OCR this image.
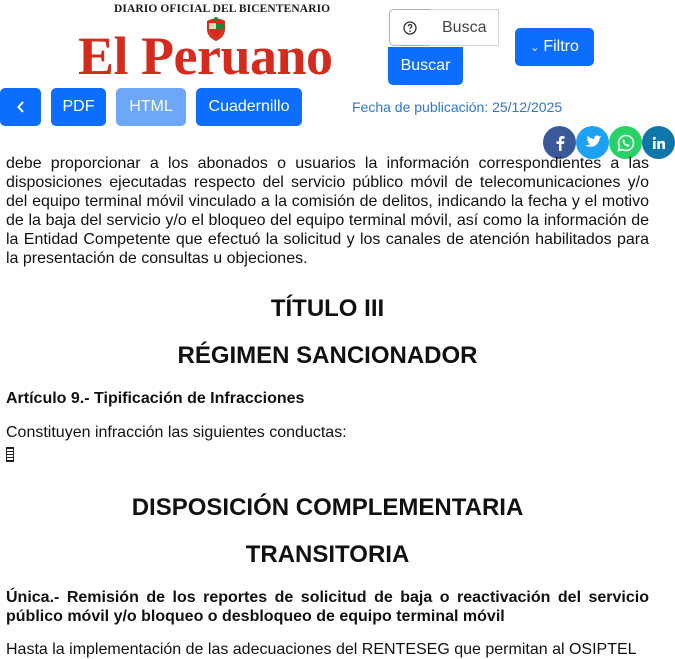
DIARIO OFICIAL DEL BICENTENARIO
El Peruano
Busca	Buscar
⌄ Filtro
PDF	HTML	Cuadernillo	Fecha de publicación: 25/12/2025

debe proporcionar a los abonados o usuarios la información correspondientes a las disposiciones ejecutadas respecto del servicio público móvil de telecomunicaciones y/o del equipo terminal móvil vinculado a la comisión de delitos, indicando la fecha y el motivo de la baja del servicio y/o el bloqueo del equipo terminal móvil, así como la información de la Entidad Competente que efectuó la solicitud y los canales de atención habilitados para la presentación de consultas u objeciones.

TÍTULO III
RÉGIMEN SANCIONADOR

Artículo 9.- Tipificación de Infracciones

Constituyen infracción las siguientes conductas:

DISPOSICIÓN COMPLEMENTARIA
TRANSITORIA

Única.- Remisión de los reportes de solicitud de baja o reactivación del servicio público móvil y/o bloqueo o desbloqueo de equipo terminal móvil

Hasta la implementación de las adecuaciones del RENTESEG que permitan al OSIPTEL
